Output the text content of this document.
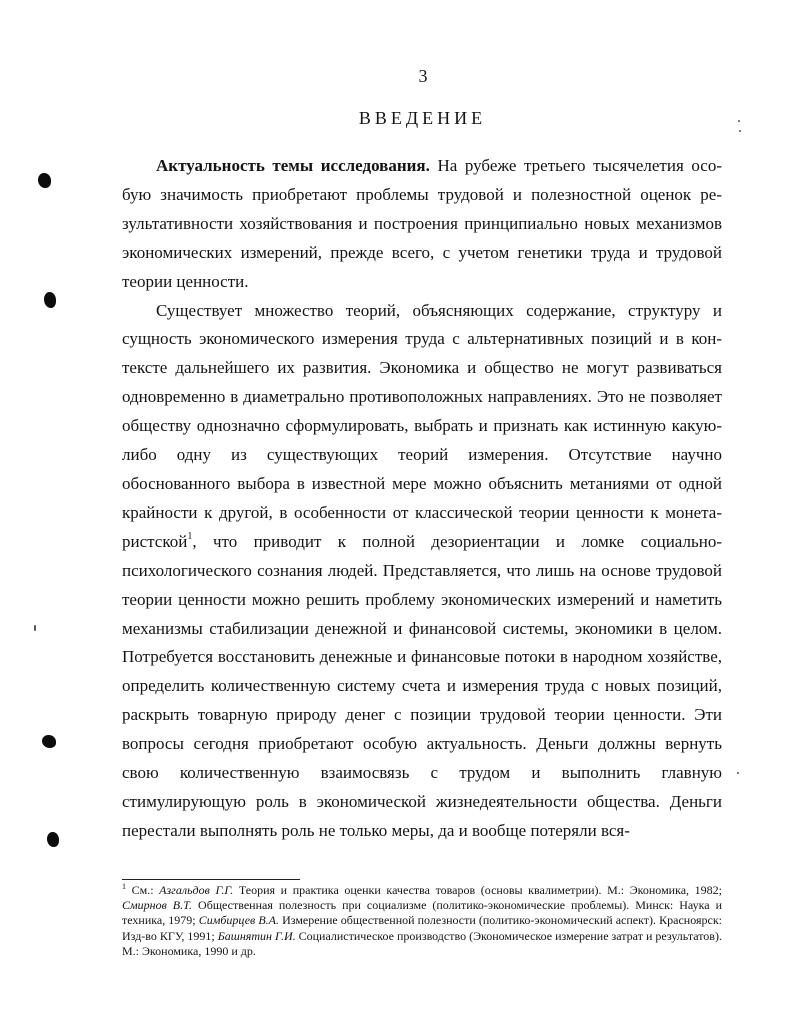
3
ВВЕДЕНИЕ

Актуальность темы исследования. На рубеже третьего тысячелетия особую значимость приобретают проблемы трудовой и полезностной оценок результативности хозяйствования и построения принципиально новых механизмов экономических измерений, прежде всего, с учетом генетики труда и трудовой теории ценности.

Существует множество теорий, объясняющих содержание, структуру и сущность экономического измерения труда с альтернативных позиций и в контексте дальнейшего их развития. Экономика и общество не могут развиваться одновременно в диаметрально противоположных направлениях. Это не позволяет обществу однозначно сформулировать, выбрать и признать как истинную какую-либо одну из существующих теорий измерения. Отсутствие научно обоснованного выбора в известной мере можно объяснить метаниями от одной крайности к другой, в особенности от классической теории ценности к монетаристской$^1$, что приводит к полной дезориентации и ломке социально-психологического сознания людей. Представляется, что лишь на основе трудовой теории ценности можно решить проблему экономических измерений и наметить механизмы стабилизации денежной и финансовой системы, экономики в целом. Потребуется восстановить денежные и финансовые потоки в народном хозяйстве, определить количественную систему счета и измерения труда с новых позиций, раскрыть товарную природу денег с позиции трудовой теории ценности. Эти вопросы сегодня приобретают особую актуальность. Деньги должны вернуть свою количественную взаимосвязь с трудом и выполнить главную стимулирующую роль в экономической жизнедеятельности общества. Деньги перестали выполнять роль не только меры, да и вообще потеряли вся-

$^1$ См.: Азгальдов Г.Г. Теория и практика оценки качества товаров (основы квалиметрии). М.: Экономика, 1982; Смирнов В.Т. Общественная полезность при социализме (политико-экономические проблемы). Минск: Наука и техника, 1979; Симбирцев В.А. Измерение общественной полезности (политико-экономический аспект). Красноярск: Изд-во КГУ, 1991; Башнятин Г.И. Социалистическое производство (Экономическое измерение затрат и результатов). М.: Экономика, 1990 и др.
